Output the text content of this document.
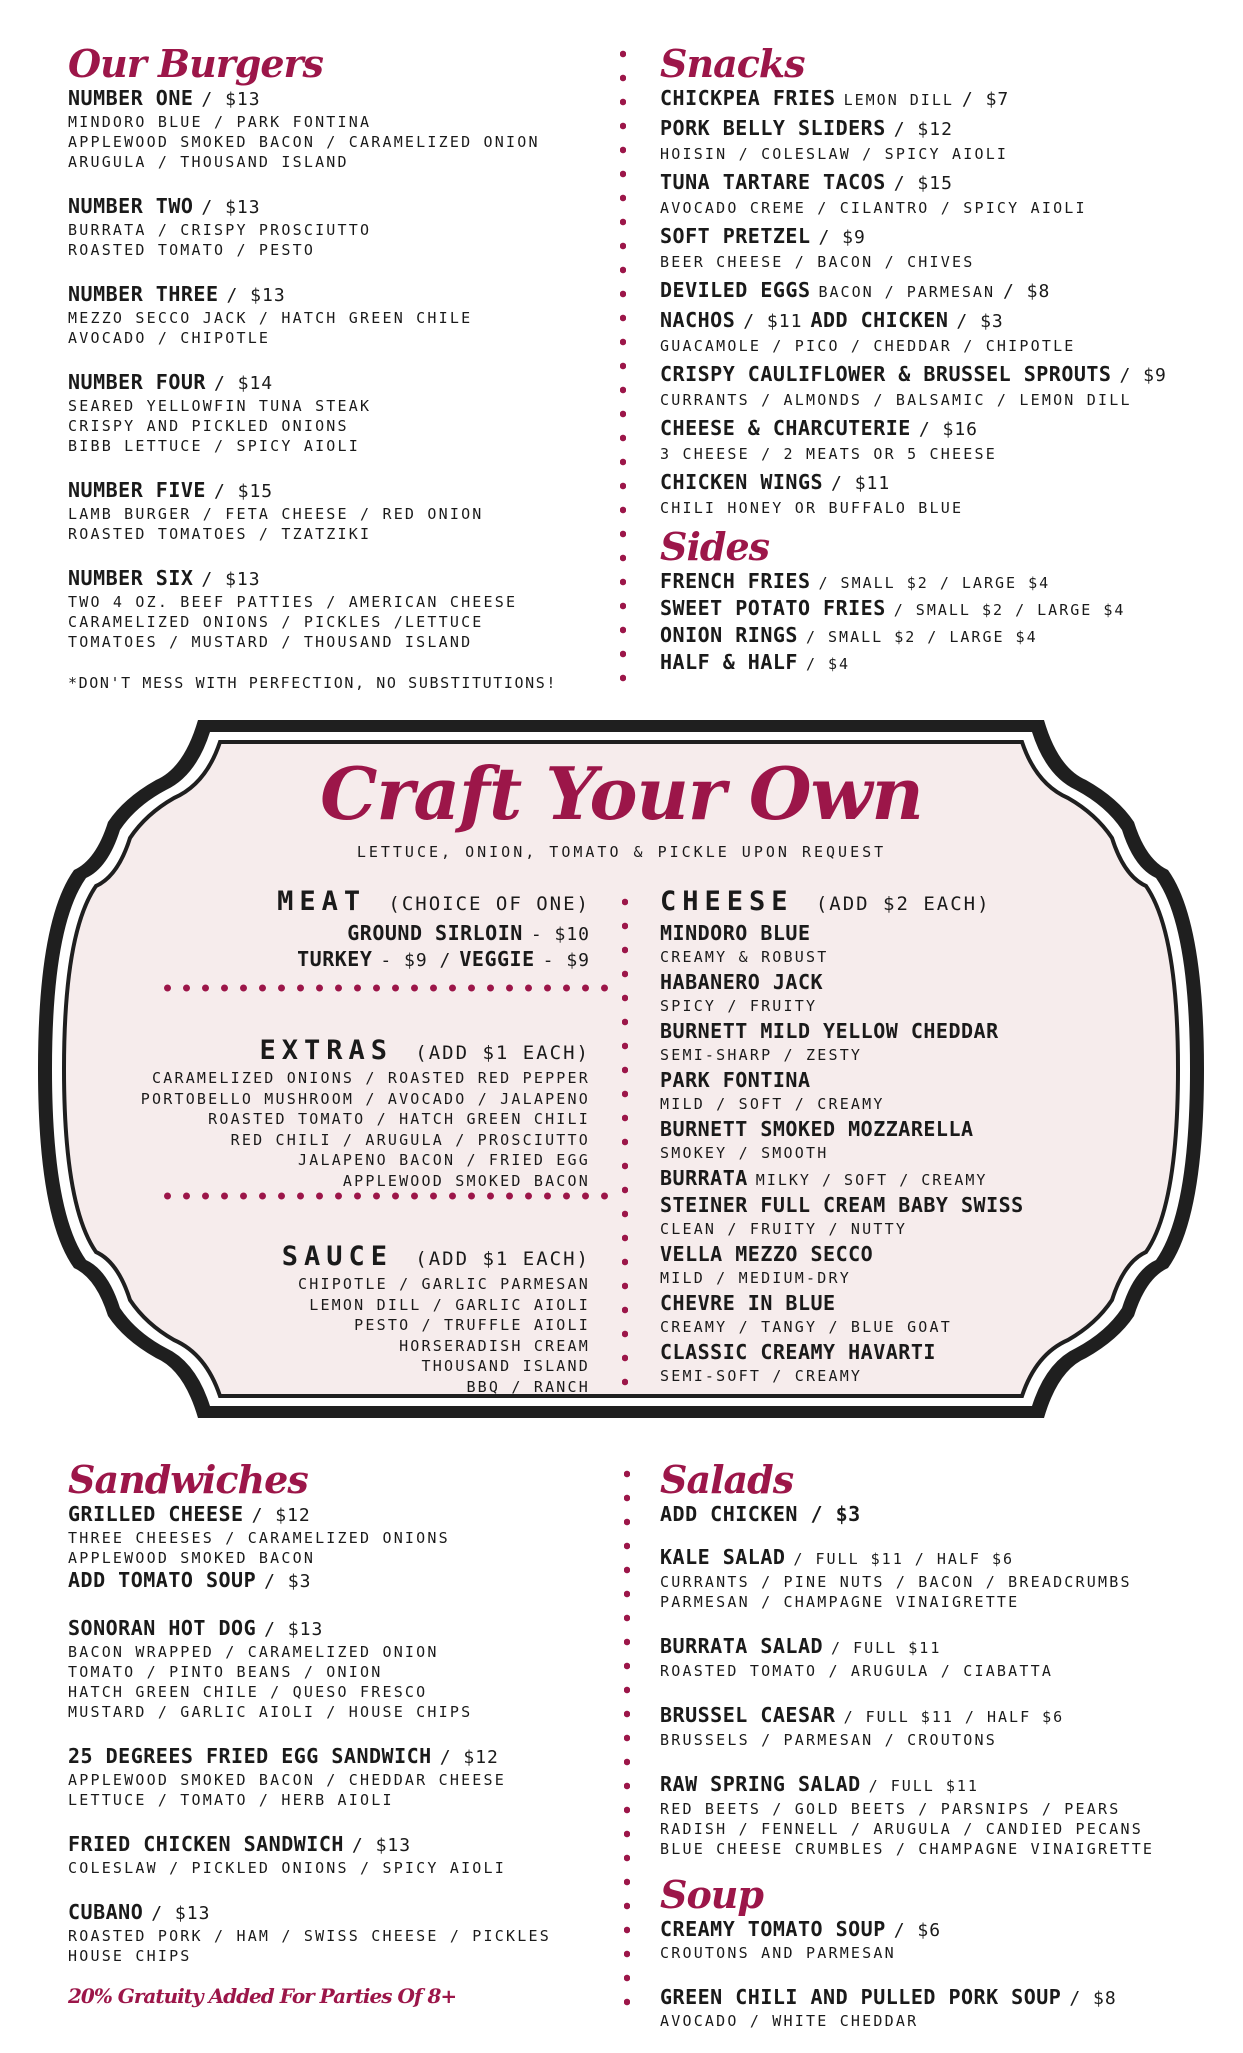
Our Burgers
NUMBER ONE / $13
MINDORO BLUE / PARK FONTINA
APPLEWOOD SMOKED BACON / CARAMELIZED ONION
ARUGULA / THOUSAND ISLAND
NUMBER TWO / $13
BURRATA / CRISPY PROSCIUTTO
ROASTED TOMATO / PESTO
NUMBER THREE / $13
MEZZO SECCO JACK / HATCH GREEN CHILE
AVOCADO / CHIPOTLE
NUMBER FOUR / $14
SEARED YELLOWFIN TUNA STEAK
CRISPY AND PICKLED ONIONS
BIBB LETTUCE / SPICY AIOLI
NUMBER FIVE / $15
LAMB BURGER / FETA CHEESE / RED ONION
ROASTED TOMATOES / TZATZIKI
NUMBER SIX / $13
TWO 4 OZ. BEEF PATTIES / AMERICAN CHEESE
CARAMELIZED ONIONS / PICKLES /LETTUCE
TOMATOES / MUSTARD / THOUSAND ISLAND
*DON'T MESS WITH PERFECTION, NO SUBSTITUTIONS!
Snacks
CHICKPEA FRIES LEMON DILL / $7
PORK BELLY SLIDERS / $12
HOISIN / COLESLAW / SPICY AIOLI
TUNA TARTARE TACOS / $15
AVOCADO CREME / CILANTRO / SPICY AIOLI
SOFT PRETZEL / $9
BEER CHEESE / BACON / CHIVES
DEVILED EGGS BACON / PARMESAN / $8
NACHOS / $11 ADD CHICKEN / $3
GUACAMOLE / PICO / CHEDDAR / CHIPOTLE
CRISPY CAULIFLOWER & BRUSSEL SPROUTS / $9
CURRANTS / ALMONDS / BALSAMIC / LEMON DILL
CHEESE & CHARCUTERIE / $16
3 CHEESE / 2 MEATS OR 5 CHEESE
CHICKEN WINGS / $11
CHILI HONEY OR BUFFALO BLUE
Sides
FRENCH FRIES / SMALL $2 / LARGE $4
SWEET POTATO FRIES / SMALL $2 / LARGE $4
ONION RINGS / SMALL $2 / LARGE $4
HALF & HALF / $4
Craft Your Own
LETTUCE, ONION, TOMATO & PICKLE UPON REQUEST
MEAT (CHOICE OF ONE)
GROUND SIRLOIN - $10
TURKEY - $9 / VEGGIE - $9
EXTRAS (ADD $1 EACH)
CARAMELIZED ONIONS / ROASTED RED PEPPER
PORTOBELLO MUSHROOM / AVOCADO / JALAPENO
ROASTED TOMATO / HATCH GREEN CHILI
RED CHILI / ARUGULA / PROSCIUTTO
JALAPENO BACON / FRIED EGG
APPLEWOOD SMOKED BACON
SAUCE (ADD $1 EACH)
CHIPOTLE / GARLIC PARMESAN
LEMON DILL / GARLIC AIOLI
PESTO / TRUFFLE AIOLI
HORSERADISH CREAM
THOUSAND ISLAND
BBQ / RANCH
CHEESE (ADD $2 EACH)
MINDORO BLUE
CREAMY & ROBUST
HABANERO JACK
SPICY / FRUITY
BURNETT MILD YELLOW CHEDDAR
SEMI-SHARP / ZESTY
PARK FONTINA
MILD / SOFT / CREAMY
BURNETT SMOKED MOZZARELLA
SMOKEY / SMOOTH
BURRATA MILKY / SOFT / CREAMY
STEINER FULL CREAM BABY SWISS
CLEAN / FRUITY / NUTTY
VELLA MEZZO SECCO
MILD / MEDIUM-DRY
CHEVRE IN BLUE
CREAMY / TANGY / BLUE GOAT
CLASSIC CREAMY HAVARTI
SEMI-SOFT / CREAMY
Sandwiches
GRILLED CHEESE / $12
THREE CHEESES / CARAMELIZED ONIONS
APPLEWOOD SMOKED BACON
ADD TOMATO SOUP / $3
SONORAN HOT DOG / $13
BACON WRAPPED / CARAMELIZED ONION
TOMATO / PINTO BEANS / ONION
HATCH GREEN CHILE / QUESO FRESCO
MUSTARD / GARLIC AIOLI / HOUSE CHIPS
25 DEGREES FRIED EGG SANDWICH / $12
APPLEWOOD SMOKED BACON / CHEDDAR CHEESE
LETTUCE / TOMATO / HERB AIOLI
FRIED CHICKEN SANDWICH / $13
COLESLAW / PICKLED ONIONS / SPICY AIOLI
CUBANO / $13
ROASTED PORK / HAM / SWISS CHEESE / PICKLES
HOUSE CHIPS
20% Gratuity Added For Parties Of 8+
Salads
ADD CHICKEN / $3
KALE SALAD / FULL $11 / HALF $6
CURRANTS / PINE NUTS / BACON / BREADCRUMBS
PARMESAN / CHAMPAGNE VINAIGRETTE
BURRATA SALAD / FULL $11
ROASTED TOMATO / ARUGULA / CIABATTA
BRUSSEL CAESAR / FULL $11 / HALF $6
BRUSSELS / PARMESAN / CROUTONS
RAW SPRING SALAD / FULL $11
RED BEETS / GOLD BEETS / PARSNIPS / PEARS
RADISH / FENNELL / ARUGULA / CANDIED PECANS
BLUE CHEESE CRUMBLES / CHAMPAGNE VINAIGRETTE
Soup
CREAMY TOMATO SOUP / $6
CROUTONS AND PARMESAN
GREEN CHILI AND PULLED PORK SOUP / $8
AVOCADO / WHITE CHEDDAR
